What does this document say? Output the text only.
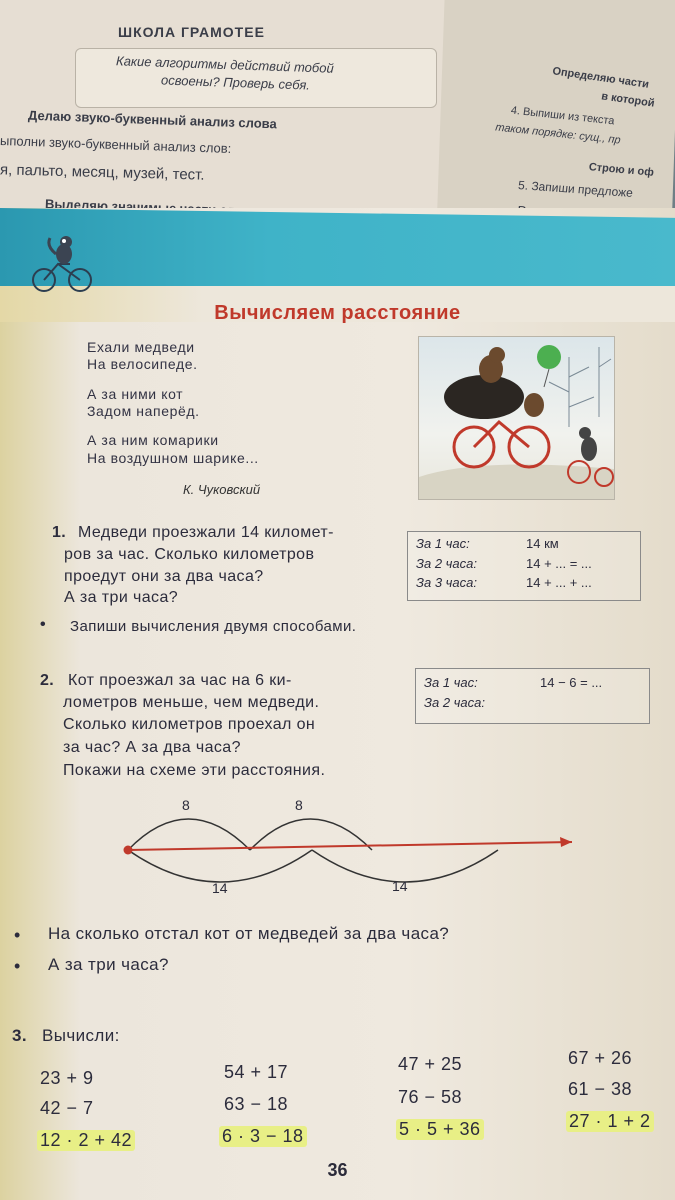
ШКОЛА ГРАМОТЕЕ
Какие алгоритмы действий тобой
освоены? Проверь себя.
Делаю звуко-буквенный анализ слова
ыполни звуко-буквенный анализ слов:
я, пальто, месяц, музей, тест.
Определяю части
в которой
4. Выпиши из текста
таком порядке: сущ., пр
Строю и оф
5. Запиши предложе
Вычисляем расстояние
Ехали медведи
На велосипеде.
А за ними кот
Задом наперёд.
А за ним комарики
На воздушном шарике...
К. Чуковский
1. Медведи проезжали 14 километ-
ров за час. Сколько километров
проедут они за два часа?
А за три часа?
За 1 час:	14 км
За 2 часа:	14 + ... = ...
За 3 часа:	14 + ... + ...
• Запиши вычисления двумя способами.
2. Кот проезжал за час на 6 ки-
лометров меньше, чем медведи.
Сколько километров проехал он
за час? А за два часа?
Покажи на схеме эти расстояния.
За 1 час:	14 − 6 = ...
За 2 часа:
8	8
14	14
• На сколько отстал кот от медведей за два часа?
• А за три часа?
3. Вычисли:
23 + 9
42 − 7
12 · 2 + 42
54 + 17
63 − 18
6 · 3 − 18
47 + 25
76 − 58
5 · 5 + 36
67 + 26
61 − 38
27 · 1 + 2
36
